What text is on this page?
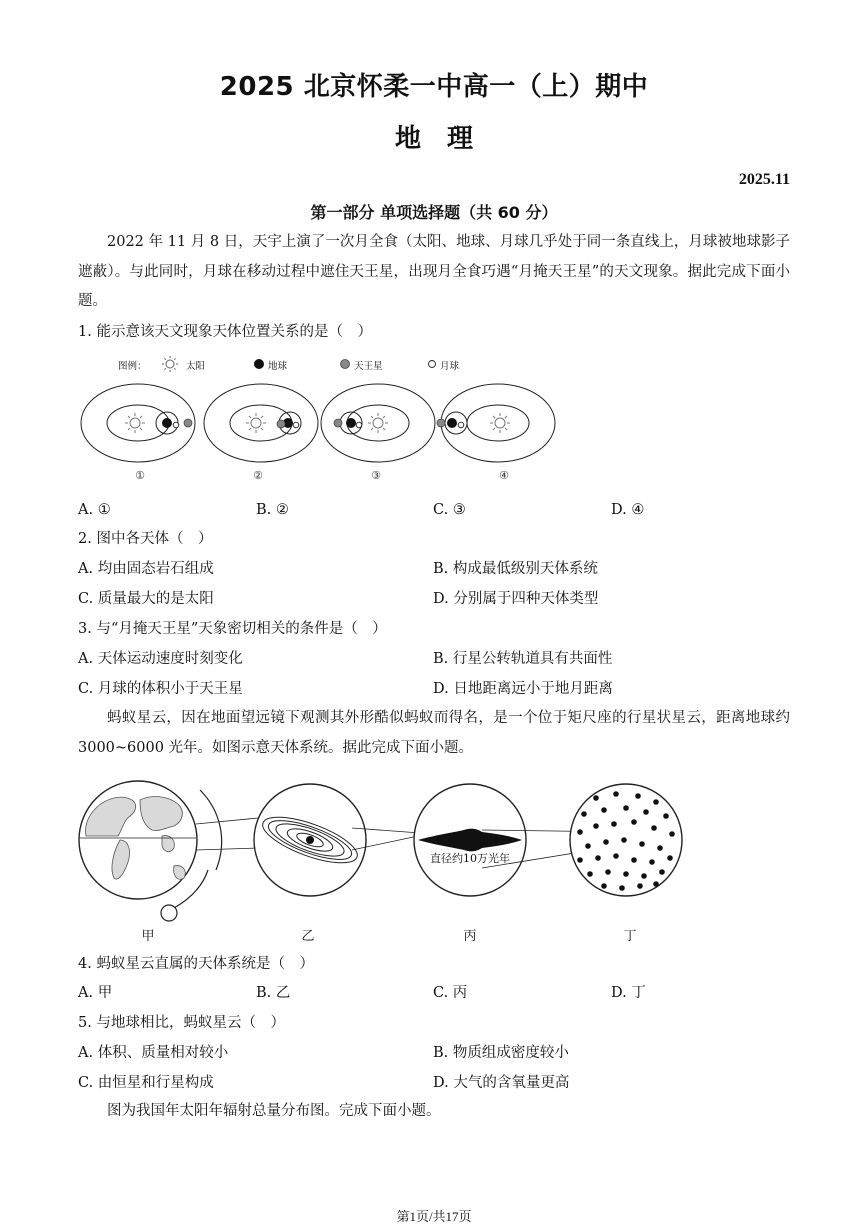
2025 北京怀柔一中高一（上）期中
地　理
2025.11
第一部分 单项选择题（共 60 分）
2022 年 11 月 8 日，天宇上演了一次月全食（太阳、地球、月球几乎处于同一条直线上，月球被地球影子遮蔽）。与此同时，月球在移动过程中遮住天王星，出现月全食巧遇“月掩天王星”的天文现象。据此完成下面小题。
1. 能示意该天文现象天体位置关系的是（　）
图例：	太阳	地球	天王星	月球
①	②	③	④
A. ①	B. ②	C. ③	D. ④
2. 图中各天体（　）
A. 均由固态岩石组成	B. 构成最低级别天体系统
C. 质量最大的是太阳	D. 分别属于四种天体类型
3. 与“月掩天王星”天象密切相关的条件是（　）
A. 天体运动速度时刻变化	B. 行星公转轨道具有共面性
C. 月球的体积小于天王星	D. 日地距离远小于地月距离
蚂蚁星云，因在地面望远镜下观测其外形酷似蚂蚁而得名，是一个位于矩尺座的行星状星云，距离地球约 3000~6000 光年。如图示意天体系统。据此完成下面小题。
直径约10万光年
甲	乙	丙	丁
4. 蚂蚁星云直属的天体系统是（　）
A. 甲	B. 乙	C. 丙	D. 丁
5. 与地球相比，蚂蚁星云（　）
A. 体积、质量相对较小	B. 物质组成密度较小
C. 由恒星和行星构成	D. 大气的含氧量更高
图为我国年太阳年辐射总量分布图。完成下面小题。
第1页/共17页
